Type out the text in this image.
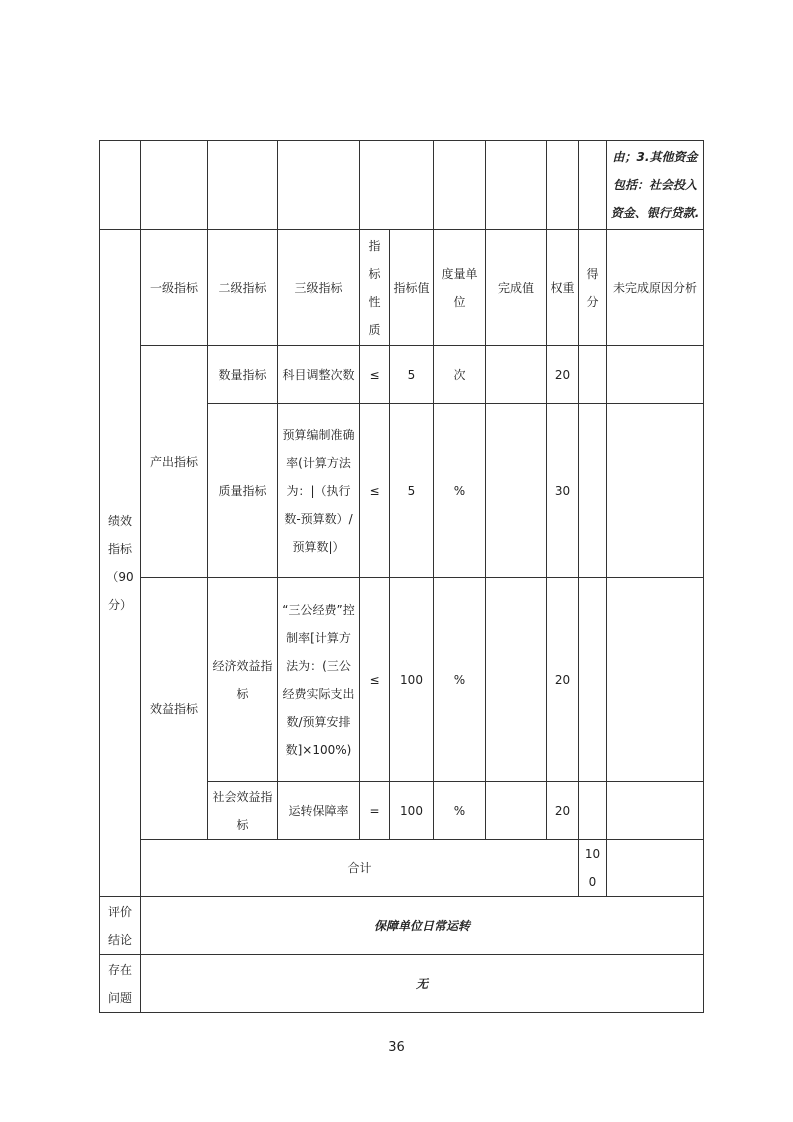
										由；3.其他资金包括：社会投入资金、银行贷款.	
绩效指标（90分）	一级指标	二级指标	三级指标	指标性质	指标值	度量单位	完成值	权重	得分	未完成原因分析	
	产出指标	数量指标	科目调整次数	≤	5	次		20			
		质量指标	预算编制准确率(计算方法为：|（执行数-预算数）/预算数|）	≤	5	%		30			
	效益指标	经济效益指标	“三公经费”控制率[计算方法为：(三公经费实际支出数/预算安排数]×100%)	≤	100	%		20			
		社会效益指标	运转保障率	=	100	%		20			
	合计								100		
评价结论	保障单位日常运转										
存在问题	无										
36
